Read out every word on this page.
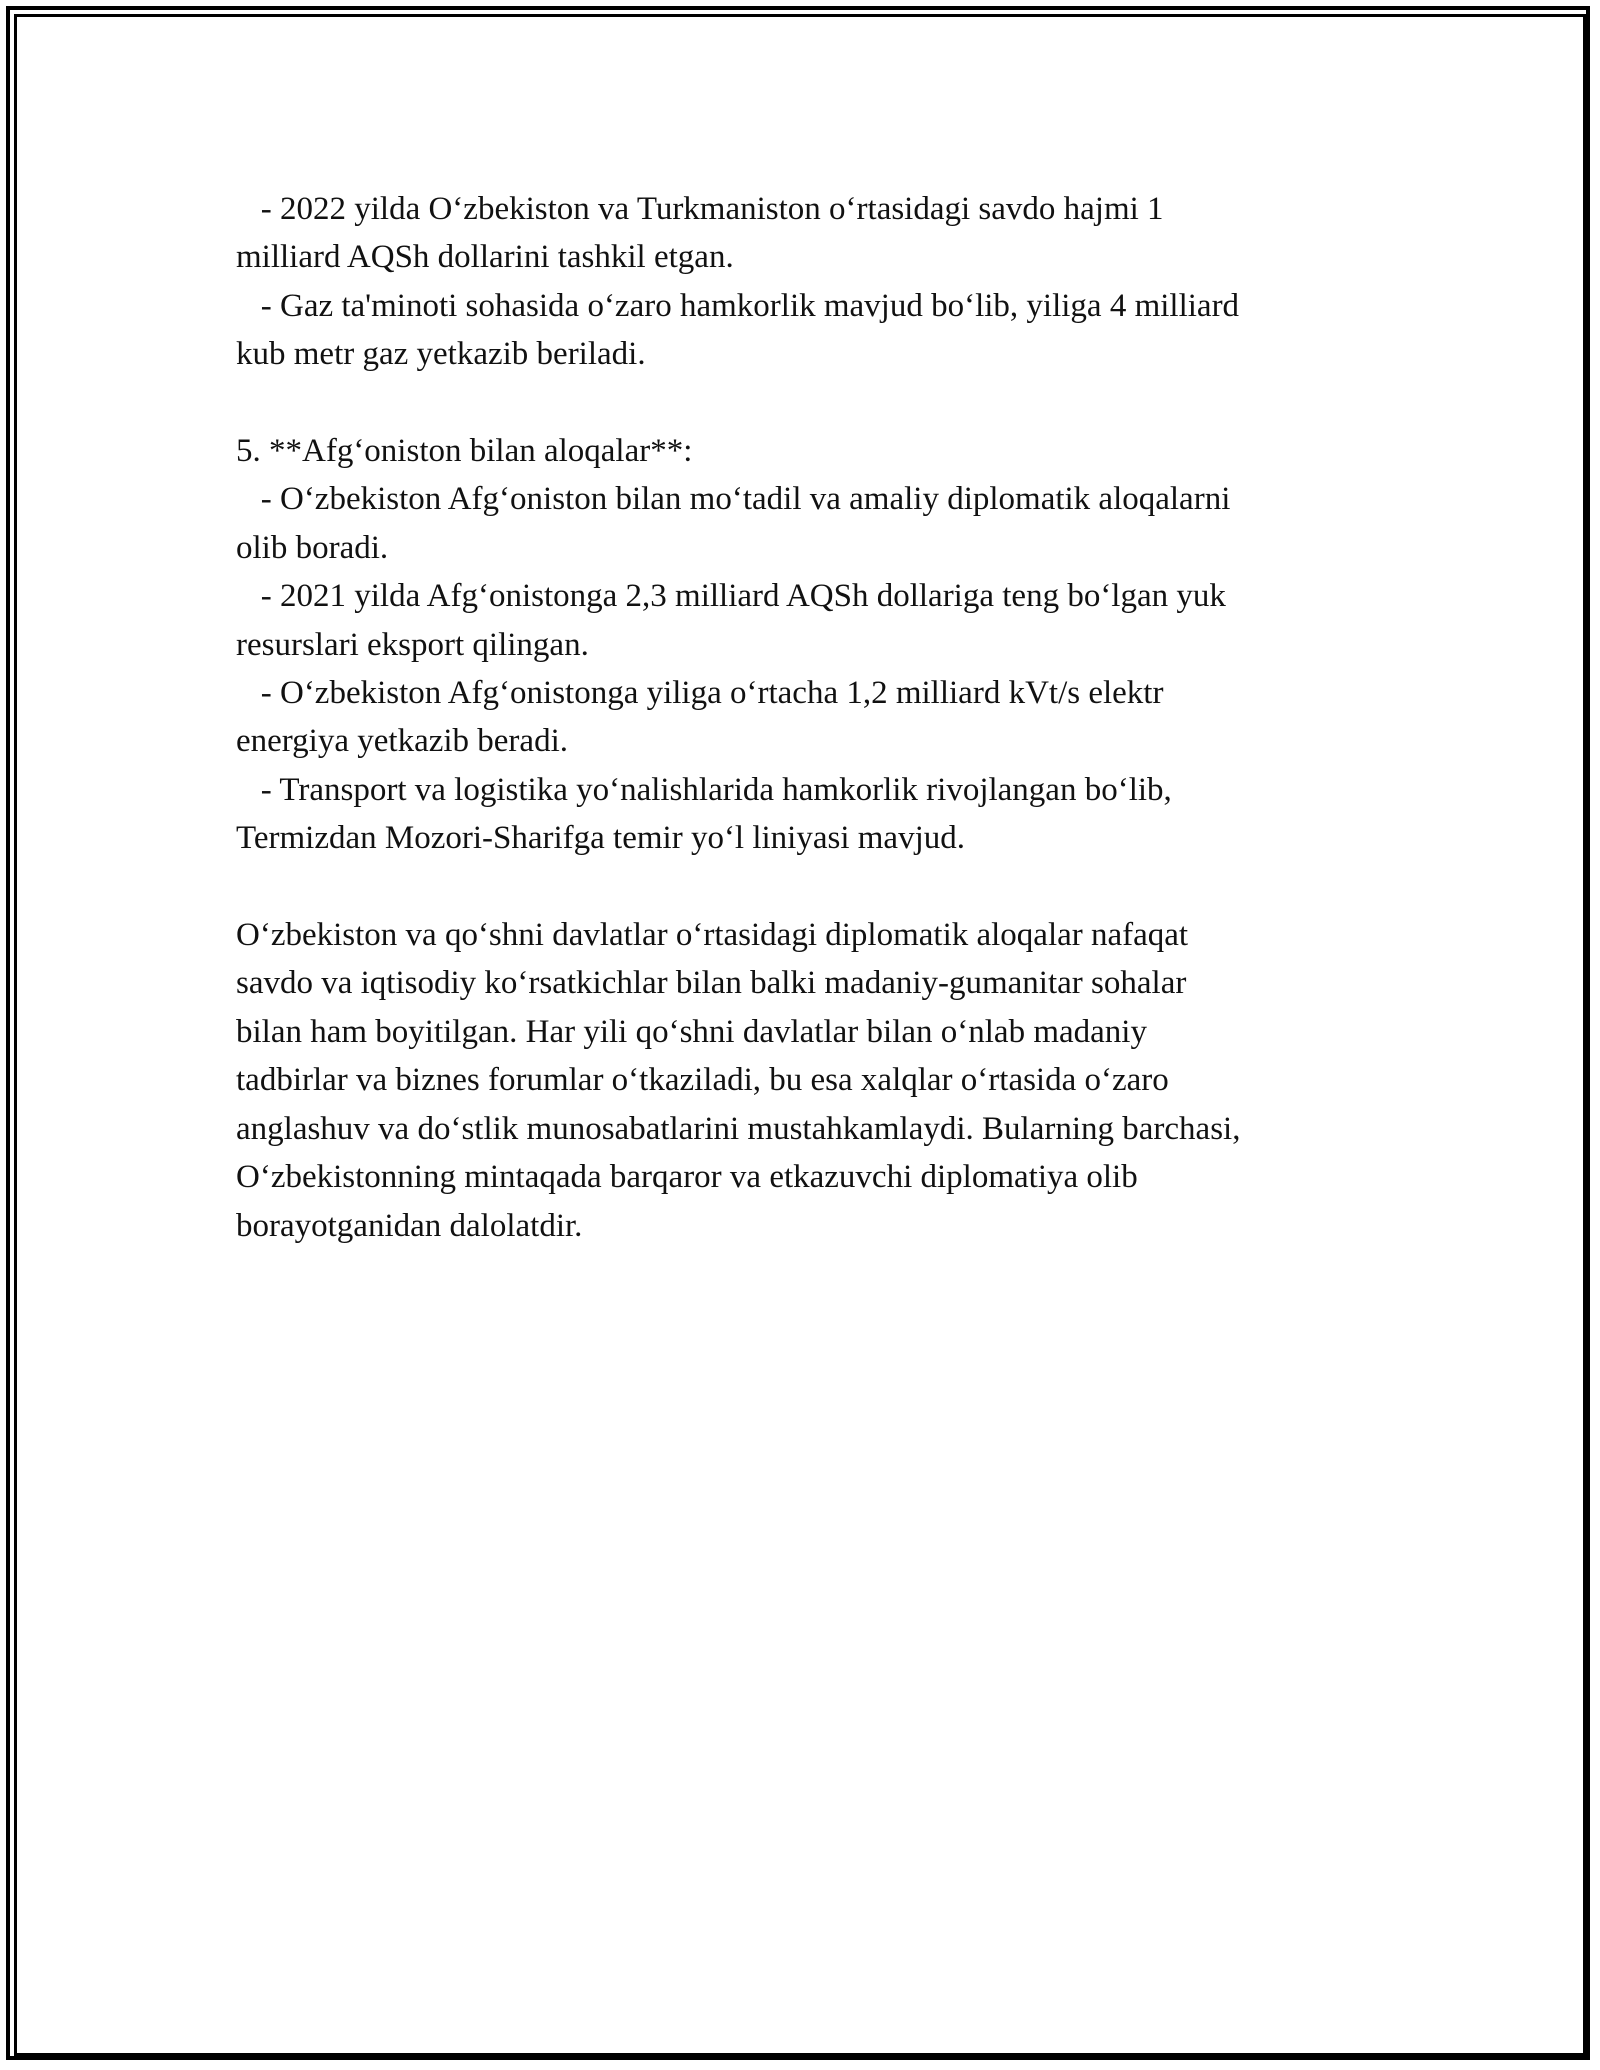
- 2022 yilda O‘zbekiston va Turkmaniston o‘rtasidagi savdo hajmi 1
milliard AQSh dollarini tashkil etgan.
- Gaz ta'minoti sohasida o‘zaro hamkorlik mavjud bo‘lib, yiliga 4 milliard
kub metr gaz yetkazib beriladi.
5. **Afg‘oniston bilan aloqalar**:
- O‘zbekiston Afg‘oniston bilan mo‘tadil va amaliy diplomatik aloqalarni
olib boradi.
- 2021 yilda Afg‘onistonga 2,3 milliard AQSh dollariga teng bo‘lgan yuk
resurslari eksport qilingan.
- O‘zbekiston Afg‘onistonga yiliga o‘rtacha 1,2 milliard kVt/s elektr
energiya yetkazib beradi.
- Transport va logistika yo‘nalishlarida hamkorlik rivojlangan bo‘lib,
Termizdan Mozori-Sharifga temir yo‘l liniyasi mavjud.
O‘zbekiston va qo‘shni davlatlar o‘rtasidagi diplomatik aloqalar nafaqat
savdo va iqtisodiy ko‘rsatkichlar bilan balki madaniy-gumanitar sohalar
bilan ham boyitilgan. Har yili qo‘shni davlatlar bilan o‘nlab madaniy
tadbirlar va biznes forumlar o‘tkaziladi, bu esa xalqlar o‘rtasida o‘zaro
anglashuv va do‘stlik munosabatlarini mustahkamlaydi. Bularning barchasi,
O‘zbekistonning mintaqada barqaror va etkazuvchi diplomatiya olib
borayotganidan dalolatdir.
